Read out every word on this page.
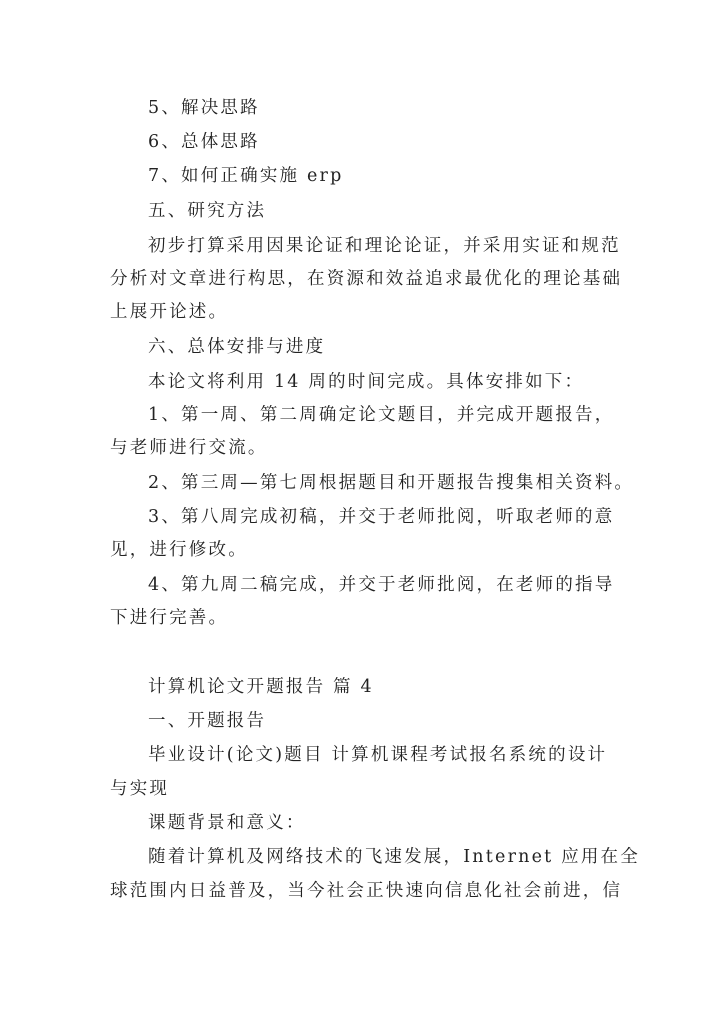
5、解决思路
6、总体思路
7、如何正确实施 erp
五、研究方法
初步打算采用因果论证和理论论证，并采用实证和规范
分析对文章进行构思，在资源和效益追求最优化的理论基础
上展开论述。
六、总体安排与进度
本论文将利用 14 周的时间完成。具体安排如下：
1、第一周、第二周确定论文题目，并完成开题报告，
与老师进行交流。
2、第三周—第七周根据题目和开题报告搜集相关资料。
3、第八周完成初稿，并交于老师批阅，听取老师的意
见，进行修改。
4、第九周二稿完成，并交于老师批阅，在老师的指导
下进行完善。
计算机论文开题报告 篇 4
一、开题报告
毕业设计(论文)题目 计算机课程考试报名系统的设计
与实现
课题背景和意义：
随着计算机及网络技术的飞速发展，Internet 应用在全
球范围内日益普及，当今社会正快速向信息化社会前进，信
